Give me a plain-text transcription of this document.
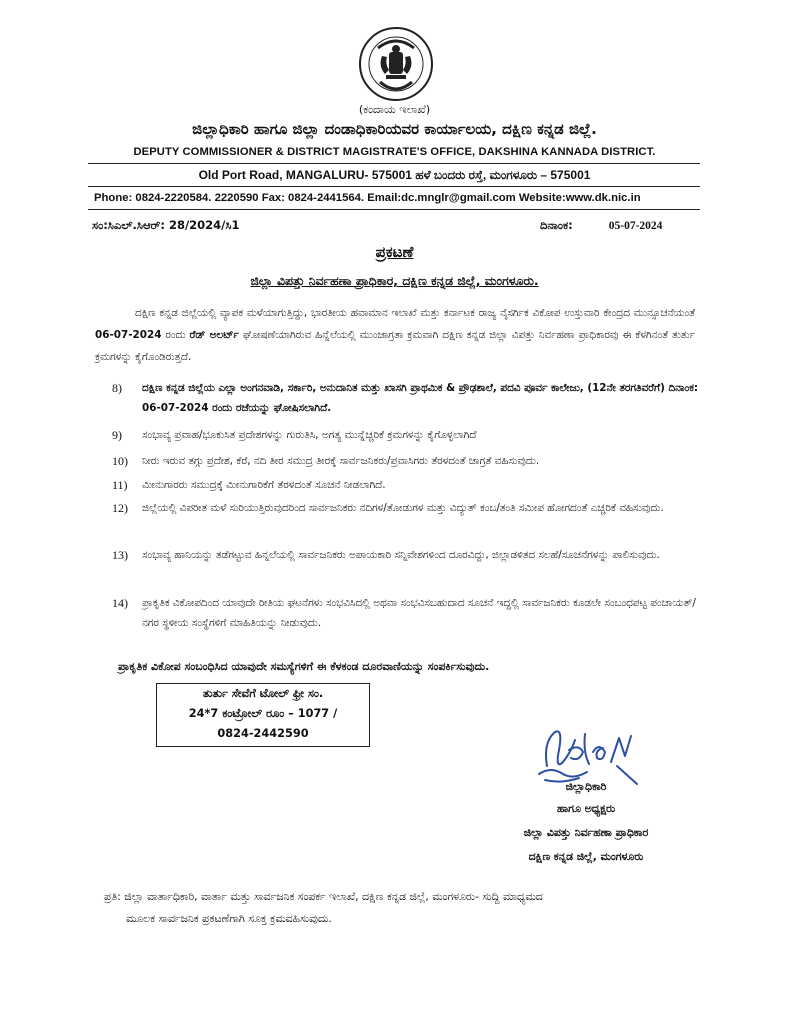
(ಕಂದಾಯ ಇಲಾಖೆ)
ಜಿಲ್ಲಾಧಿಕಾರಿ ಹಾಗೂ ಜಿಲ್ಲಾ ದಂಡಾಧಿಕಾರಿಯವರ ಕಾರ್ಯಾಲಯ, ದಕ್ಷಿಣ ಕನ್ನಡ ಜಿಲ್ಲೆ.
DEPUTY COMMISSIONER & DISTRICT MAGISTRATE'S OFFICE, DAKSHINA KANNADA DISTRICT.
Old Port Road, MANGALURU- 575001 ಹಳೆ ಬಂದರು ರಸ್ತೆ, ಮಂಗಳೂರು – 575001
Phone: 0824-2220584. 2220590 Fax: 0824-2441564. Email:dc.mnglr@gmail.com Website:www.dk.nic.in
ಸಂ:ಸಿಎಲ್.ಸಿಆರ್: 28/2024/ಸಿ1	ದಿನಾಂಕ:	05-07-2024
ಪ್ರಕಟಣೆ
ಜಿಲ್ಲಾ ವಿಪತ್ತು ನಿರ್ವಹಣಾ ಪ್ರಾಧಿಕಾರ, ದಕ್ಷಿಣ ಕನ್ನಡ ಜಿಲ್ಲೆ, ಮಂಗಳೂರು.
ದಕ್ಷಿಣ ಕನ್ನಡ ಜಿಲ್ಲೆಯಲ್ಲಿ ವ್ಯಾಪಕ ಮಳೆಯಾಗುತ್ತಿದ್ದು, ಭಾರತೀಯ ಹವಾಮಾನ ಇಲಾಖೆ ಮತ್ತು ಕರ್ನಾಟಕ ರಾಜ್ಯ ನೈಸರ್ಗಿಕ ವಿಕೋಪ ಉಸ್ತುವಾರಿ ಕೇಂದ್ರದ ಮುನ್ಸೂಚನೆಯಂತೆ 06-07-2024 ರಂದು ರೆಡ್ ಅಲರ್ಟ್ ಘೋಷಣೆಯಾಗಿರುವ ಹಿನ್ನೆಲೆಯಲ್ಲಿ ಮುಂಜಾಗ್ರತಾ ಕ್ರಮವಾಗಿ ದಕ್ಷಿಣ ಕನ್ನಡ ಜಿಲ್ಲಾ ವಿಪತ್ತು ನಿರ್ವಹಣಾ ಪ್ರಾಧಿಕಾರವು ಈ ಕೆಳಗಿನಂತೆ ತುರ್ತು ಕ್ರಮಗಳನ್ನು ಕೈಗೊಂಡಿರುತ್ತದೆ.
8)	ದಕ್ಷಿಣ ಕನ್ನಡ ಜಿಲ್ಲೆಯ ಎಲ್ಲಾ ಅಂಗನವಾಡಿ, ಸರ್ಕಾರಿ, ಅನುದಾನಿತ ಮತ್ತು ಖಾಸಗಿ ಪ್ರಾಥಮಿಕ & ಪ್ರೌಢಶಾಲೆ, ಪದವಿ ಪೂರ್ವ ಕಾಲೇಜು, (12ನೇ ತರಗತಿವರೆಗೆ) ದಿನಾಂಕ: 06-07-2024 ರಂದು ರಜೆಯನ್ನು ಘೋಷಿಸಲಾಗಿದೆ.
9)	ಸಂಭಾವ್ಯ ಪ್ರವಾಹ/ಭೂಕುಸಿತ ಪ್ರದೇಶಗಳನ್ನು ಗುರುತಿಸಿ, ಅಗತ್ಯ ಮುನ್ನೆಚ್ಚರಿಕೆ ಕ್ರಮಗಳನ್ನು ಕೈಗೊಳ್ಳಲಾಗಿದೆ
10)	ನೀರು ಇರುವ ತಗ್ಗು ಪ್ರದೇಶ, ಕೆರೆ, ನದಿ ತೀರ ಸಮುದ್ರ ತೀರಕ್ಕೆ ಸಾರ್ವಜನಿಕರು/ಪ್ರವಾಸಿಗರು ತೆರಳದಂತೆ ಜಾಗ್ರತೆ ವಹಿಸುವುದು.
11)	ಮೀನುಗಾರರು ಸಮುದ್ರಕ್ಕೆ ಮೀನುಗಾರಿಕೆಗೆ ತೆರಳದಂತೆ ಸೂಚನೆ ನೀಡಲಾಗಿದೆ.
12)	ಜಿಲ್ಲೆಯಲ್ಲಿ ವಿಪರೀತ ಮಳೆ ಸುರಿಯುತ್ತಿರುವುದರಿಂದ ಸಾರ್ವಜನಿಕರು ನದಿಗಳ/ತೋಡುಗಳ ಮತ್ತು ವಿದ್ಯುತ್ ಕಂಬ/ತಂತಿ ಸಮೀಪ ಹೋಗದಂತೆ ಎಚ್ಚರಿಕೆ ವಹಿಸುವುದು.
13)	ಸಂಭಾವ್ಯ ಹಾನಿಯನ್ನು ತಡೆಗಟ್ಟುವ ಹಿನ್ನಲೆಯಲ್ಲಿ ಸಾರ್ವಜನಿಕರು ಅಪಾಯಕಾರಿ ಸನ್ನಿವೇಶಗಳಿಂದ ದೂರವಿದ್ದು, ಜಿಲ್ಲಾಡಳಿತದ ಸಲಹೆ/ಸೂಚನೆಗಳನ್ನು ಪಾಲಿಸುವುದು.
14)	ಪ್ರಾಕೃತಿಕ ವಿಕೋಪದಿಂದ ಯಾವುದೇ ರೀತಿಯ ಘಟನೆಗಳು ಸಂಭವಿಸಿದಲ್ಲಿ ಅಥವಾ ಸಂಭವಿಸಬಹುದಾದ ಸೂಚನೆ ಇದ್ದಲ್ಲಿ ಸಾರ್ವಜನಿಕರು ಕೂಡಲೇ ಸಂಬಂಧಪಟ್ಟ ಪಂಚಾಯತ್/ನಗರ ಸ್ಥಳೀಯ ಸಂಸ್ಥೆಗಳಿಗೆ ಮಾಹಿತಿಯನ್ನು ನೀಡುವುದು.
ಪ್ರಾಕೃತಿಕ ವಿಕೋಪ ಸಂಬಂಧಿಸಿದ ಯಾವುದೇ ಸಮಸ್ಯೆಗಳಿಗೆ ಈ ಕೆಳಕಂಡ ದೂರವಾಣಿಯನ್ನು ಸಂಪರ್ಕಿಸುವುದು.
ತುರ್ತು ಸೇವೆಗೆ ಟೋಲ್ ಫ್ರೀ ಸಂ.
24*7 ಕಂಟ್ರೋಲ್ ರೂಂ – 1077 /
0824-2442590
ಜಿಲ್ಲಾಧಿಕಾರಿ
ಹಾಗೂ ಅಧ್ಯಕ್ಷರು
ಜಿಲ್ಲಾ ವಿಪತ್ತು ನಿರ್ವಹಣಾ ಪ್ರಾಧಿಕಾರ
ದಕ್ಷಿಣ ಕನ್ನಡ ಜಿಲ್ಲೆ, ಮಂಗಳೂರು
ಪ್ರತಿ: ಜಿಲ್ಲಾ ವಾರ್ತಾಧಿಕಾರಿ, ವಾರ್ತಾ ಮತ್ತು ಸಾರ್ವಜನಿಕ ಸಂಪರ್ಕ ಇಲಾಖೆ, ದಕ್ಷಿಣ ಕನ್ನಡ ಜಿಲ್ಲೆ, ಮಂಗಳೂರು- ಸುದ್ದಿ ಮಾಧ್ಯಮದ
ಮೂಲಕ ಸಾರ್ವಜನಿಕ ಪ್ರಕಟಣೆಗಾಗಿ ಸೂಕ್ತ ಕ್ರಮವಹಿಸುವುದು.
